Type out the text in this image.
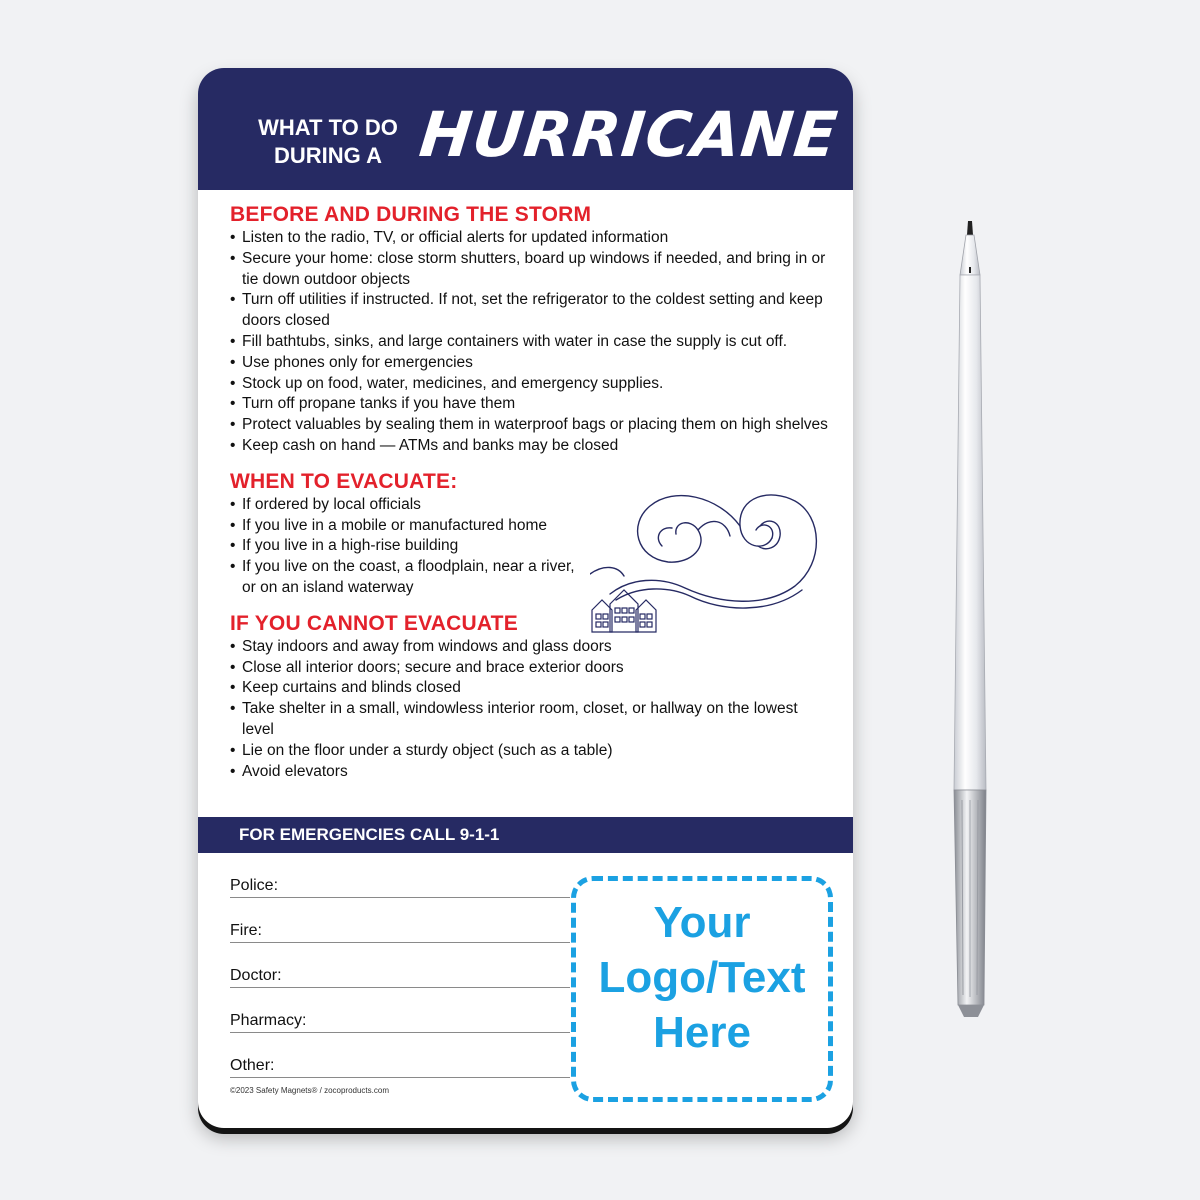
WHAT TO DO
DURING A HURRICANE
BEFORE AND DURING THE STORM
• Listen to the radio, TV, or official alerts for updated information
• Secure your home: close storm shutters, board up windows if needed, and bring in or tie down outdoor objects
• Turn off utilities if instructed. If not, set the refrigerator to the coldest setting and keep doors closed
• Fill bathtubs, sinks, and large containers with water in case the supply is cut off.
• Use phones only for emergencies
• Stock up on food, water, medicines, and emergency supplies.
• Turn off propane tanks if you have them
• Protect valuables by sealing them in waterproof bags or placing them on high shelves
• Keep cash on hand — ATMs and banks may be closed
WHEN TO EVACUATE:
• If ordered by local officials
• If you live in a mobile or manufactured home
• If you live in a high-rise building
• If you live on the coast, a floodplain, near a river, or on an island waterway
IF YOU CANNOT EVACUATE
• Stay indoors and away from windows and glass doors
• Close all interior doors; secure and brace exterior doors
• Keep curtains and blinds closed
• Take shelter in a small, windowless interior room, closet, or hallway on the lowest level
• Lie on the floor under a sturdy object (such as a table)
• Avoid elevators
FOR EMERGENCIES CALL 9-1-1
Police:
Fire:
Doctor:
Pharmacy:
Other:
Your
Logo/Text
Here
©2023 Safety Magnets® / zocoproducts.com
